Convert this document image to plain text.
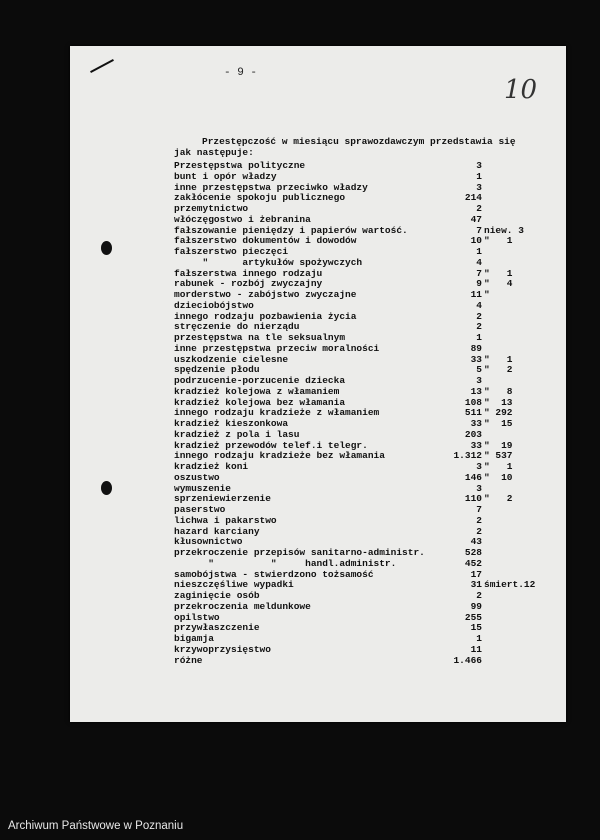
- 9 -
10
Przestępczość w miesiącu sprawozdawczym przedstawia się
jak następuje:
Przestępstwa polityczne	3
bunt i opór władzy	1
inne przestępstwa przeciwko władzy	3
zakłócenie spokoju publicznego	214
przemytnictwo	2
włóczęgostwo i żebranina	47
fałszowanie pieniędzy i papierów wartość.	7 niew. 3
fałszerstwo dokumentów i dowodów	10 "   1
fałszerstwo pieczęci	1
"      artykułów spożywczych	4
fałszerstwa innego rodzaju	7 "   1
rabunek - rozbój zwyczajny	9 "   4
morderstwo - zabójstwo zwyczajne	11 "
dzieciobójstwo	4
innego rodzaju pozbawienia życia	2
stręczenie do nierządu	2
przestępstwa na tle seksualnym	1
inne przestępstwa przeciw moralności	89
uszkodzenie cielesne	33 "   1
spędzenie płodu	5 "   2
podrzucenie-porzucenie dziecka	3
kradzież kolejowa z włamaniem	13 "   8
kradzież kolejowa bez włamania	108 "  13
innego rodzaju kradzieże z włamaniem	511 " 292
kradzież kieszonkowa	33 "  15
kradzież z pola i lasu	203
kradzież przewodów telef.i telegr.	33 "  19
innego rodzaju kradzieże bez włamania	1.312 " 537
kradzież koni	3 "   1
oszustwo	146 "  10
wymuszenie	3
sprzeniewierzenie	110 "   2
paserstwo	7
lichwa i pakarstwo	2
hazard karciany	2
kłusownictwo	43
przekroczenie przepisów sanitarno-administr.	528
"          "     handl.administr.	452
samobójstwa - stwierdzono tożsamość	17
nieszczęśliwe wypadki	31 śmiert.12
zaginięcie osób	2
przekroczenia meldunkowe	99
opilstwo	255
przywłaszczenie	15
bigamja	1
krzywoprzysięstwo	11
różne	1.466
Archiwum Państwowe w Poznaniu
